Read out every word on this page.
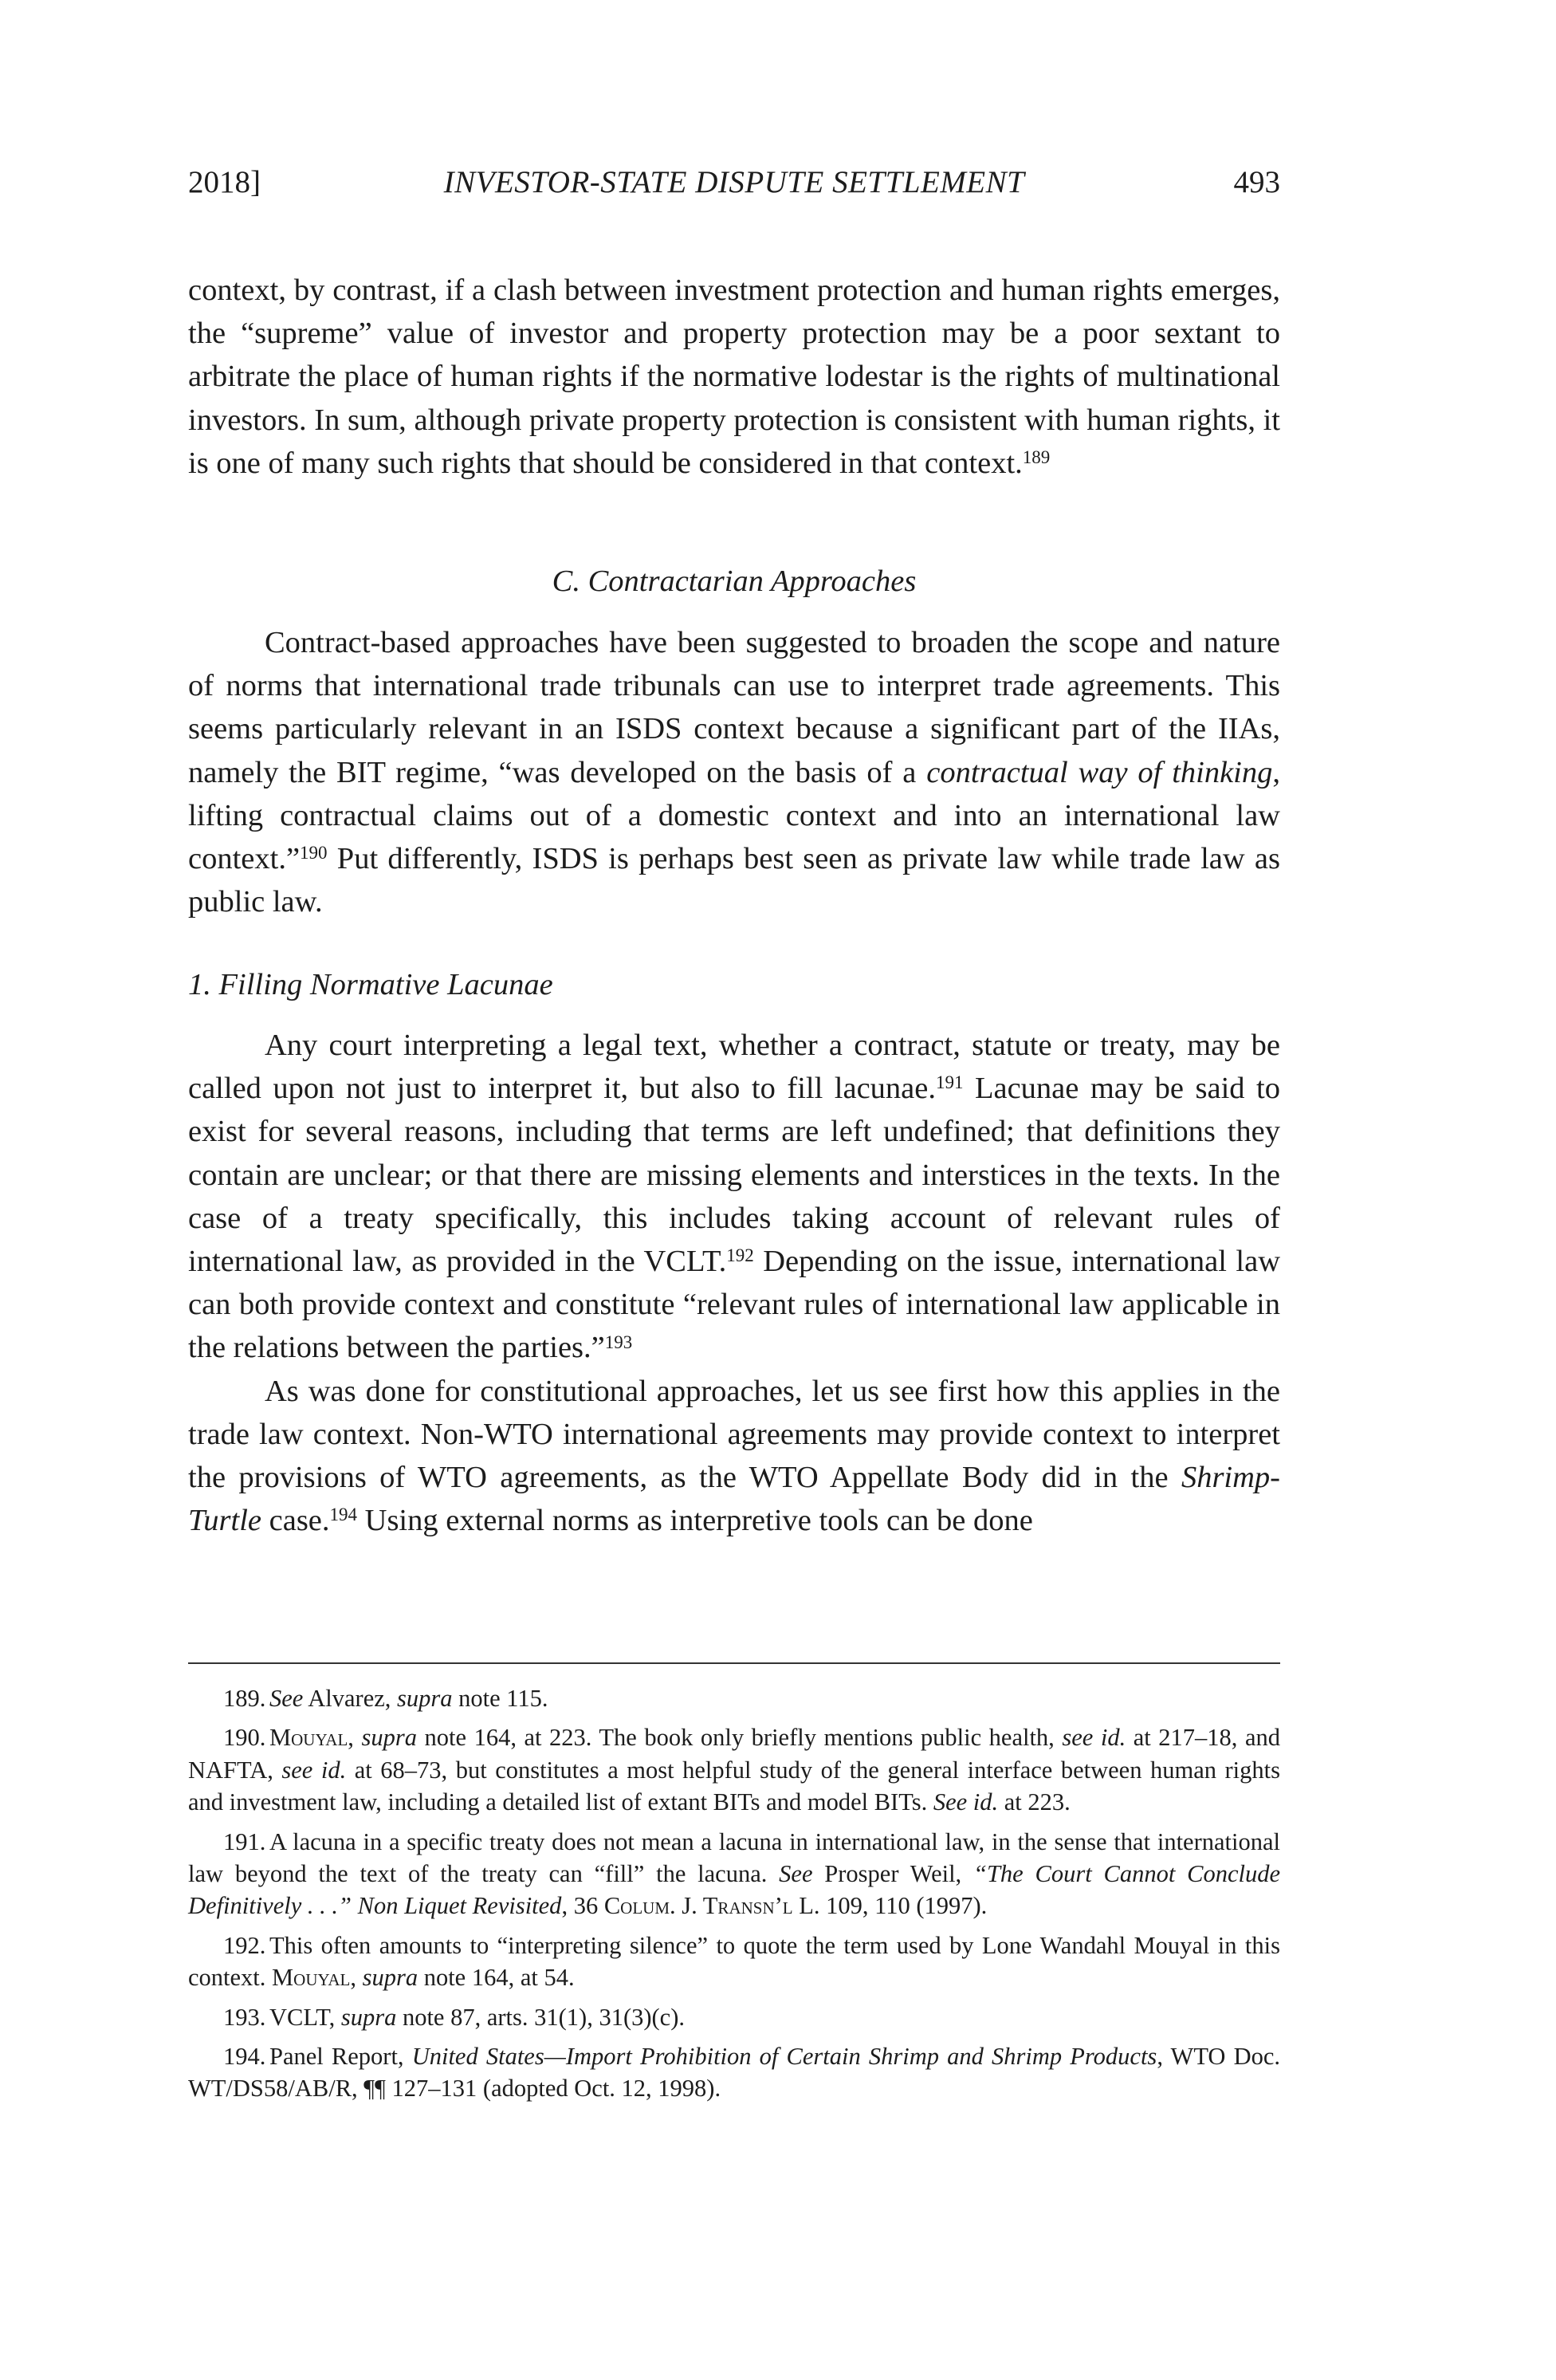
2018]	INVESTOR-STATE DISPUTE SETTLEMENT	493

context, by contrast, if a clash between investment protection and human rights emerges, the “supreme” value of investor and property protection may be a poor sextant to arbitrate the place of human rights if the normative lodestar is the rights of multinational investors. In sum, although private property protection is consistent with human rights, it is one of many such rights that should be considered in that context.$^{189}$

C. Contractarian Approaches

Contract-based approaches have been suggested to broaden the scope and nature of norms that international trade tribunals can use to interpret trade agreements. This seems particularly relevant in an ISDS context because a significant part of the IIAs, namely the BIT regime, “was developed on the basis of a contractual way of thinking, lifting contractual claims out of a domestic context and into an international law context.”$^{190}$ Put differently, ISDS is perhaps best seen as private law while trade law as public law.

1. Filling Normative Lacunae

Any court interpreting a legal text, whether a contract, statute or treaty, may be called upon not just to interpret it, but also to fill lacunae.$^{191}$ Lacunae may be said to exist for several reasons, including that terms are left undefined; that definitions they contain are unclear; or that there are missing elements and interstices in the texts. In the case of a treaty specifically, this includes taking account of relevant rules of international law, as provided in the VCLT.$^{192}$ Depending on the issue, international law can both provide context and constitute “relevant rules of international law applicable in the relations between the parties.”$^{193}$

As was done for constitutional approaches, let us see first how this applies in the trade law context. Non-WTO international agreements may provide context to interpret the provisions of WTO agreements, as the WTO Appellate Body did in the Shrimp-Turtle case.$^{194}$ Using external norms as interpretive tools can be done

189. See Alvarez, supra note 115.

190. Mouyal, supra note 164, at 223. The book only briefly mentions public health, see id. at 217–18, and NAFTA, see id. at 68–73, but constitutes a most helpful study of the general interface between human rights and investment law, including a detailed list of extant BITs and model BITs. See id. at 223.

191. A lacuna in a specific treaty does not mean a lacuna in international law, in the sense that international law beyond the text of the treaty can “fill” the lacuna. See Prosper Weil, “The Court Cannot Conclude Definitively . . .” Non Liquet Revisited, 36 Colum. J. Transn’l L. 109, 110 (1997).

192. This often amounts to “interpreting silence” to quote the term used by Lone Wandahl Mouyal in this context. Mouyal, supra note 164, at 54.

193. VCLT, supra note 87, arts. 31(1), 31(3)(c).

194. Panel Report, United States—Import Prohibition of Certain Shrimp and Shrimp Products, WTO Doc. WT/DS58/AB/R, ¶¶ 127–131 (adopted Oct. 12, 1998).
